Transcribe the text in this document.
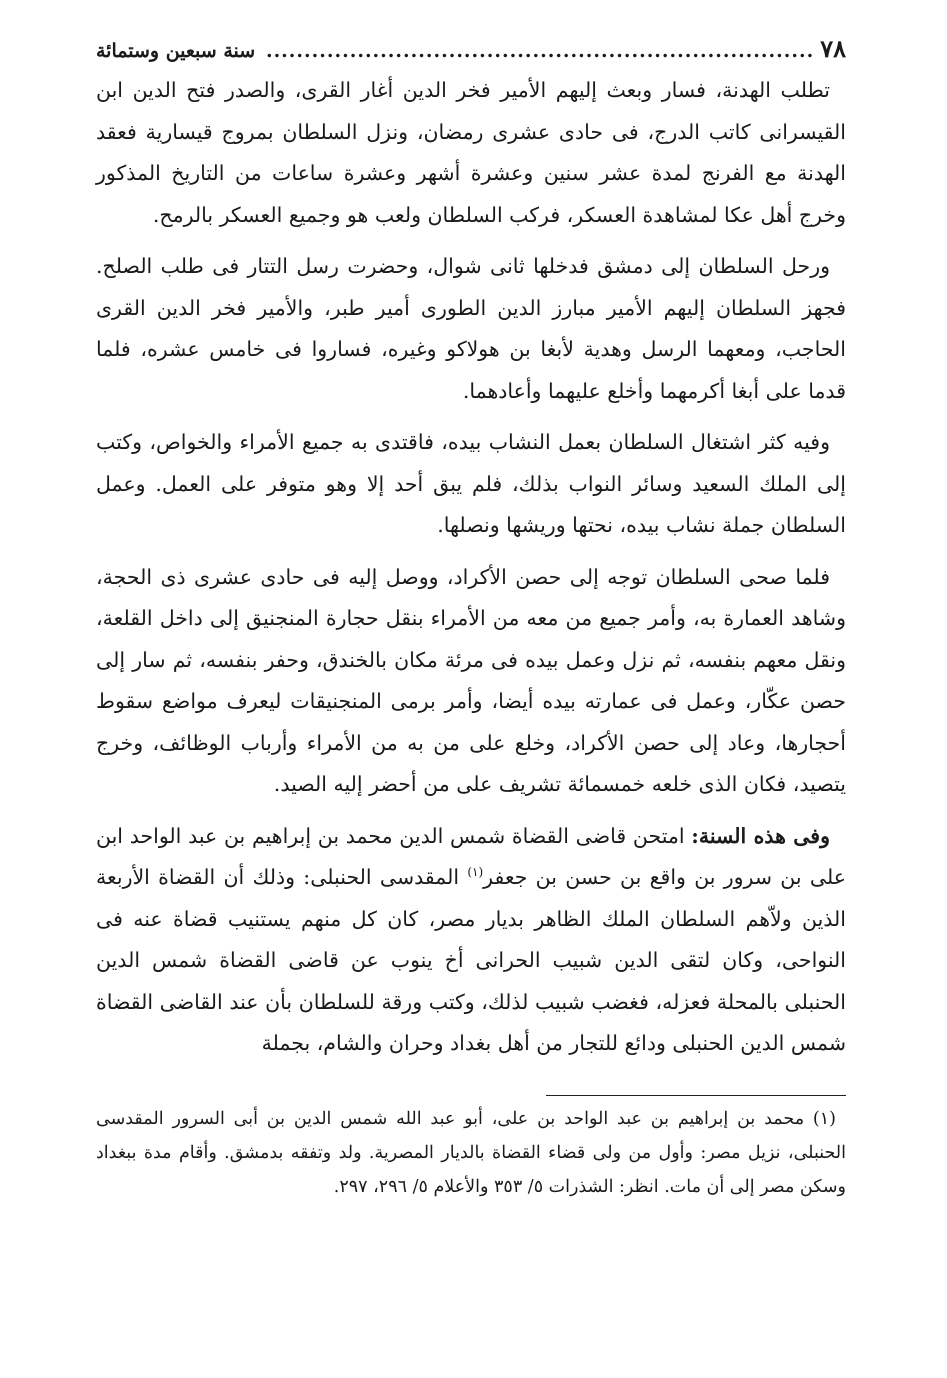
٧٨
........................................................................
سنة سبعين وستمائة

تطلب الهدنة، فسار وبعث إليهم الأمير فخر الدين أغار القرى، والصدر فتح الدين ابن القيسرانى كاتب الدرج، فى حادى عشرى رمضان، ونزل السلطان بمروج قيسارية فعقد الهدنة مع الفرنج لمدة عشر سنين وعشرة أشهر وعشرة ساعات من التاريخ المذكور وخرج أهل عكا لمشاهدة العسكر، فركب السلطان ولعب هو وجميع العسكر بالرمح.

ورحل السلطان إلى دمشق فدخلها ثانى شوال، وحضرت رسل التتار فى طلب الصلح. فجهز السلطان إليهم الأمير مبارز الدين الطورى أمير طبر، والأمير فخر الدين القرى الحاجب، ومعهما الرسل وهدية لأبغا بن هولاكو وغيره، فساروا فى خامس عشره، فلما قدما على أبغا أكرمهما وأخلع عليهما وأعادهما.

وفيه كثر اشتغال السلطان بعمل النشاب بيده، فاقتدى به جميع الأمراء والخواص، وكتب إلى الملك السعيد وسائر النواب بذلك، فلم يبق أحد إلا وهو متوفر على العمل. وعمل السلطان جملة نشاب بيده، نحتها وريشها ونصلها.

فلما صحى السلطان توجه إلى حصن الأكراد، ووصل إليه فى حادى عشرى ذى الحجة، وشاهد العمارة به، وأمر جميع من معه من الأمراء بنقل حجارة المنجنيق إلى داخل القلعة، ونقل معهم بنفسه، ثم نزل وعمل بيده فى مرئة مكان بالخندق، وحفر بنفسه، ثم سار إلى حصن عكّار، وعمل فى عمارته بيده أيضا، وأمر برمى المنجنيقات ليعرف مواضع سقوط أحجارها، وعاد إلى حصن الأكراد، وخلع على من به من الأمراء وأرباب الوظائف، وخرج يتصيد، فكان الذى خلعه خمسمائة تشريف على من أحضر إليه الصيد.

وفى هذه السنة: امتحن قاضى القضاة شمس الدين محمد بن إبراهيم بن عبد الواحد ابن على بن سرور بن واقع بن حسن بن جعفر$^{(١)}$ المقدسى الحنبلى: وذلك أن القضاة الأربعة الذين ولاّهم السلطان الملك الظاهر بديار مصر، كان كل منهم يستنيب قضاة عنه فى النواحى، وكان لتقى الدين شبيب الحرانى أخ ينوب عن قاضى القضاة شمس الدين الحنبلى بالمحلة فعزله، فغضب شبيب لذلك، وكتب ورقة للسلطان بأن عند القاضى القضاة شمس الدين الحنبلى ودائع للتجار من أهل بغداد وحران والشام، بجملة

(١) محمد بن إبراهيم بن عبد الواحد بن على، أبو عبد الله شمس الدين بن أبى السرور المقدسى الحنبلى، نزيل مصر: وأول من ولى قضاء القضاة بالديار المصرية. ولد وتفقه بدمشق. وأقام مدة ببغداد وسكن مصر إلى أن مات. انظر: الشذرات ٥/ ٣٥٣ والأعلام ٥/ ٢٩٦، ٢٩٧.
